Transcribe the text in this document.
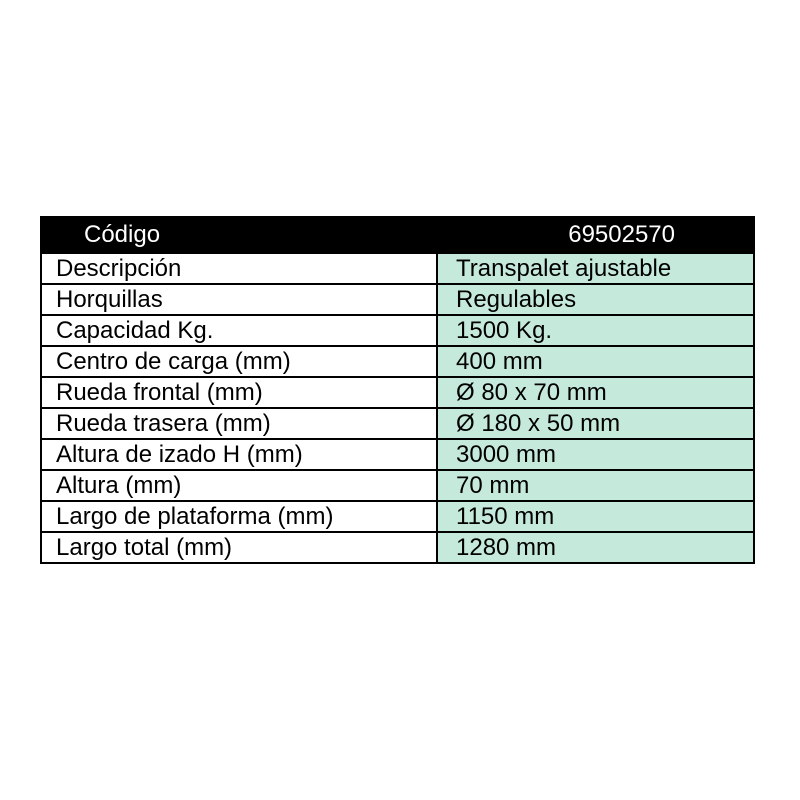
Código	69502570
Descripción	Transpalet ajustable
Horquillas	Regulables
Capacidad Kg.	1500 Kg.
Centro de carga (mm)	400 mm
Rueda frontal (mm)	Ø 80 x 70 mm
Rueda trasera (mm)	Ø 180 x 50 mm
Altura de izado H (mm)	3000 mm
Altura (mm)	70 mm
Largo de plataforma (mm)	1150 mm
Largo total (mm)	1280 mm
